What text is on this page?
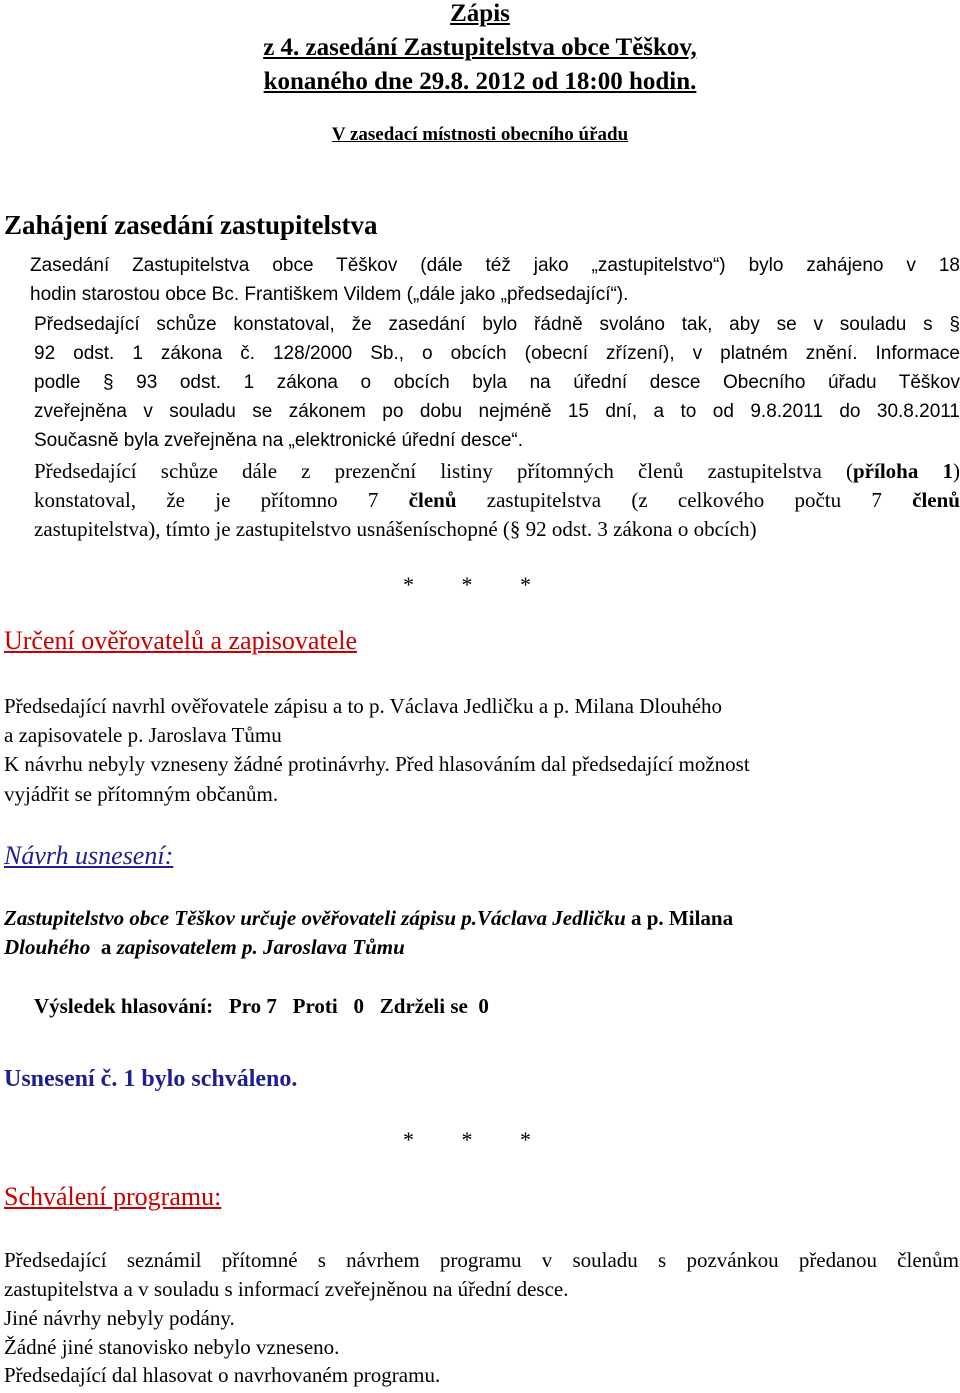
Zápis
z 4. zasedání Zastupitelstva obce Těškov,
konaného dne 29.8. 2012 od 18:00 hodin.
V zasedací místnosti obecního úřadu
Zahájení zasedání zastupitelstva
Zasedání Zastupitelstva obce Těškov (dále též jako „zastupitelstvo“) bylo zahájeno v 18
hodin starostou obce Bc. Františkem Vildem („dále jako „předsedající“).
Předsedající schůze konstatoval, že zasedání bylo řádně svoláno tak, aby se v souladu s §
92 odst. 1 zákona č. 128/2000 Sb., o obcích (obecní zřízení), v platném znění. Informace
podle § 93 odst. 1 zákona o obcích byla na úřední desce Obecního úřadu Těškov
zveřejněna v souladu se zákonem po dobu nejméně 15 dní, a to od 9.8.2011 do 30.8.2011
Současně byla zveřejněna na „elektronické úřední desce“.
Předsedající schůze dále z prezenční listiny přítomných členů zastupitelstva (příloha 1)
konstatoval, že je přítomno 7 členů zastupitelstva (z celkového počtu 7 členů
zastupitelstva), tímto je zastupitelstvo usnášeníschopné (§ 92 odst. 3 zákona o obcích)
* * *
Určení ověřovatelů a zapisovatele
Předsedající navrhl ověřovatele zápisu a to p. Václava Jedličku a p. Milana Dlouhého
a zapisovatele p. Jaroslava Tůmu
K návrhu nebyly vzneseny žádné protinávrhy. Před hlasováním dal předsedající možnost
vyjádřit se přítomným občanům.
Návrh usnesení:
Zastupitelstvo obce Těškov určuje ověřovateli zápisu p.Václava Jedličku a p. Milana
Dlouhého  a zapisovatelem p. Jaroslava Tůmu
Výsledek hlasování: Pro 7 Proti   0 Zdrželi se  0
Usnesení č. 1 bylo schváleno.
* * *
Schválení programu:
Předsedající seznámil přítomné s návrhem programu v souladu s pozvánkou předanou členům
zastupitelstva a v souladu s informací zveřejněnou na úřední desce.
Jiné návrhy nebyly podány.
Žádné jiné stanovisko nebylo vzneseno.
Předsedající dal hlasovat o navrhovaném programu.
